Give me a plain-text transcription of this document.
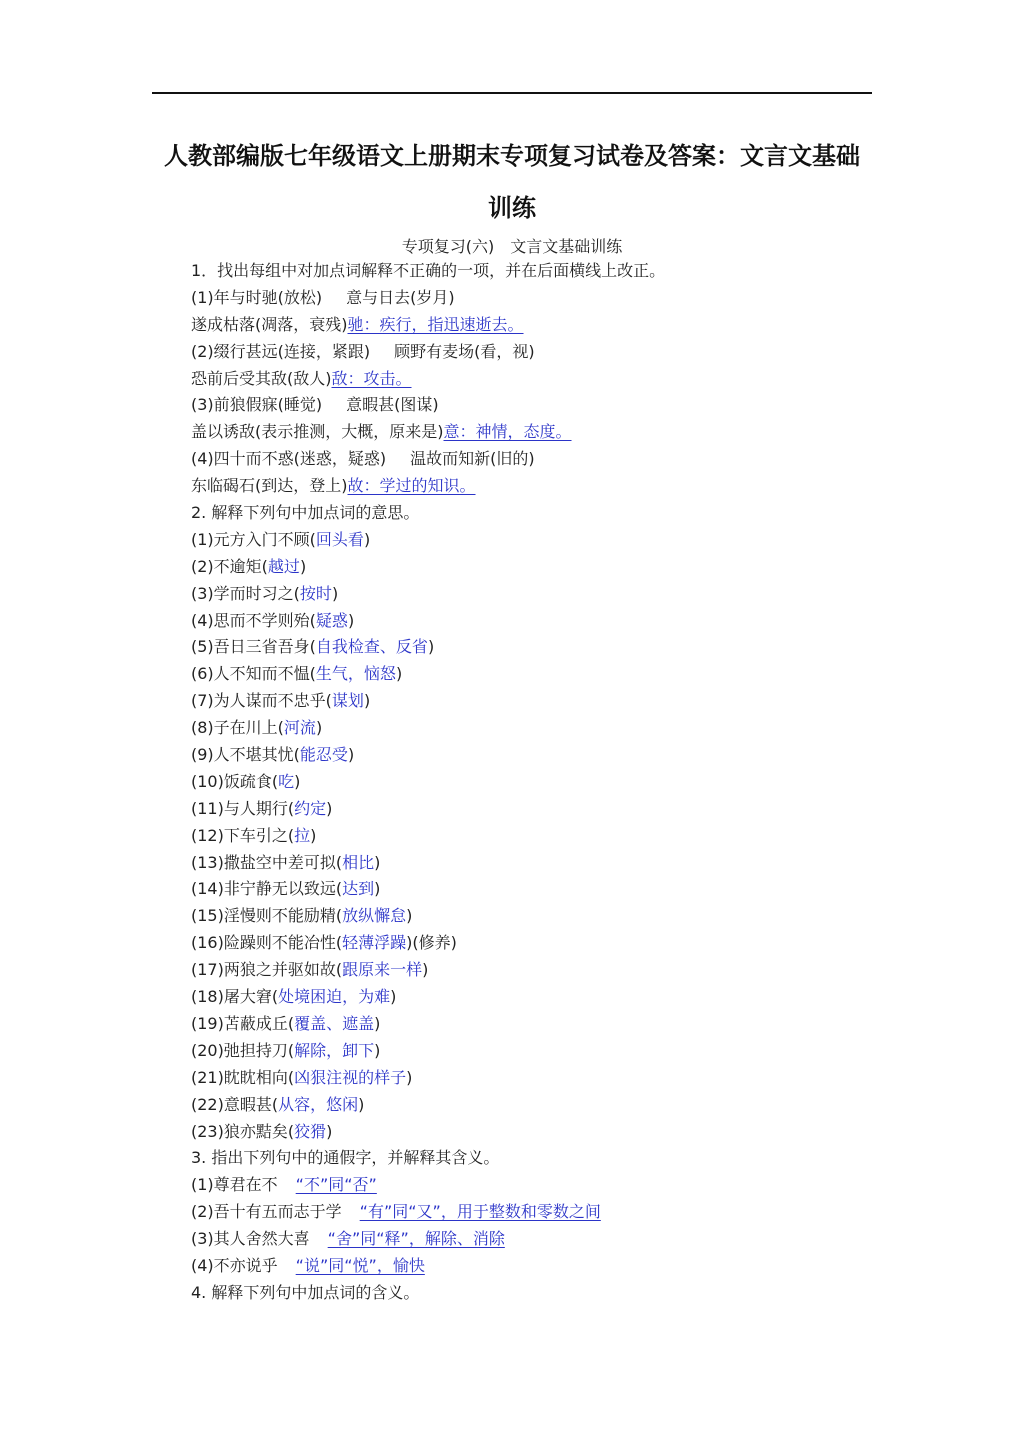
人教部编版七年级语文上册期末专项复习试卷及答案：文言文基础
训练
专项复习(六)　文言文基础训练
1．找出每组中对加点词解释不正确的一项，并在后面横线上改正。
(1)年与时驰(放松) 意与日去(岁月)
遂成枯落(凋落，衰残)驰：疾行，指迅速逝去。
(2)缀行甚远(连接，紧跟) 顾野有麦场(看，视)
恐前后受其敌(敌人)敌：攻击。
(3)前狼假寐(睡觉) 意暇甚(图谋)
盖以诱敌(表示推测，大概，原来是)意：神情，态度。
(4)四十而不惑(迷惑，疑惑) 温故而知新(旧的)
东临碣石(到达，登上)故：学过的知识。
2. 解释下列句中加点词的意思。
(1)元方入门不顾(回头看)
(2)不逾矩(越过)
(3)学而时习之(按时)
(4)思而不学则殆(疑惑)
(5)吾日三省吾身(自我检查、反省)
(6)人不知而不愠(生气，恼怒)
(7)为人谋而不忠乎(谋划)
(8)子在川上(河流)
(9)人不堪其忧(能忍受)
(10)饭疏食(吃)
(11)与人期行(约定)
(12)下车引之(拉)
(13)撒盐空中差可拟(相比)
(14)非宁静无以致远(达到)
(15)淫慢则不能励精(放纵懈怠)
(16)险躁则不能冶性(轻薄浮躁)(修养)
(17)两狼之并驱如故(跟原来一样)
(18)屠大窘(处境困迫，为难)
(19)苫蔽成丘(覆盖、遮盖)
(20)弛担持刀(解除，卸下)
(21)眈眈相向(凶狠注视的样子)
(22)意暇甚(从容，悠闲)
(23)狼亦黠矣(狡猾)
3. 指出下列句中的通假字，并解释其含义。
(1)尊君在不 “不”同“否”
(2)吾十有五而志于学 “有”同“又”，用于整数和零数之间
(3)其人舍然大喜 “舍”同“释”，解除、消除
(4)不亦说乎 “说”同“悦”，愉快
4. 解释下列句中加点词的含义。
